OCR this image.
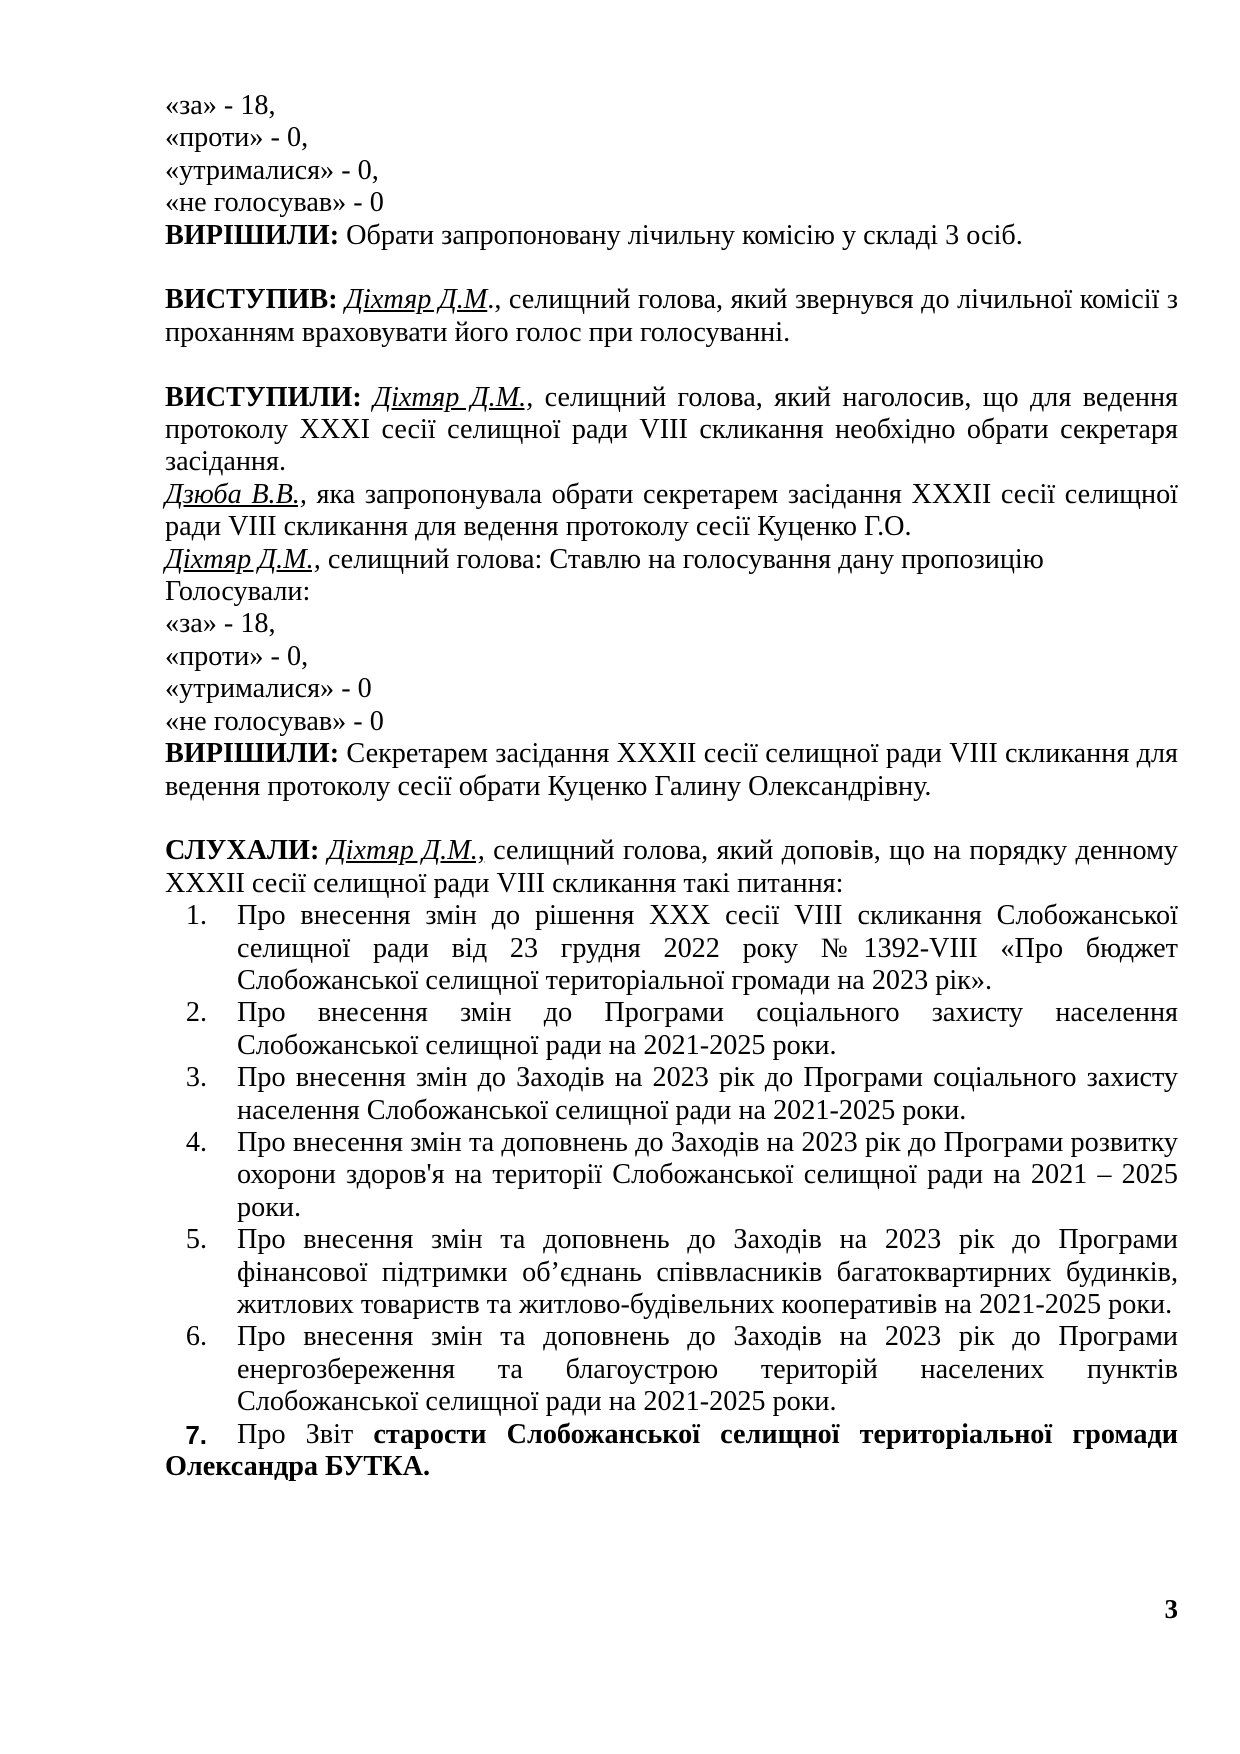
«за» - 18,

«проти» - 0,

«утрималися» - 0,

«не голосував» - 0

ВИРІШИЛИ: Обрати запропоновану лічильну комісію у складі 3 осіб.

ВИСТУПИВ: Діхтяр Д.М., селищний голова, який звернувся до лічильної комісії з проханням враховувати його голос при голосуванні.

ВИСТУПИЛИ: Діхтяр Д.М., селищний голова, який наголосив, що для ведення протоколу XXXI сесії селищної ради VIII скликання необхідно обрати секретаря засідання.

Дзюба В.В., яка запропонувала обрати секретарем засідання XXXII сесії селищної ради VIII скликання для ведення протоколу сесії Куценко Г.О.

Діхтяр Д.М., селищний голова: Ставлю на голосування дану пропозицію

Голосували:

«за» - 18,

«проти» - 0,

«утрималися» - 0

«не голосував» - 0

ВИРІШИЛИ: Секретарем засідання XXXII сесії селищної ради VIII скликання для ведення протоколу сесії обрати Куценко Галину Олександрівну.

СЛУХАЛИ: Діхтяр Д.М., селищний голова, який доповів, що на порядку денному XXXII сесії селищної ради VIII скликання такі питання:

1. Про внесення змін до рішення XXX сесії VIII скликання Слобожанської селищної ради від 23 грудня 2022 року №1392-VIII «Про бюджет Слобожанської селищної територіальної громади на 2023 рік».
2. Про внесення змін до Програми соціального захисту населення Слобожанської селищної ради на 2021-2025 роки.
3. Про внесення змін до Заходів на 2023 рік до Програми соціального захисту населення Слобожанської селищної ради на 2021-2025 роки.
4. Про внесення змін та доповнень до Заходів на 2023 рік до Програми розвитку охорони здоров'я на території Слобожанської селищної ради на 2021 – 2025 роки.
5. Про внесення змін та доповнень до Заходів на 2023 рік до Програми фінансової підтримки об’єднань співвласників багатоквартирних будинків, житлових товариств та житлово-будівельних кооперативів на 2021-2025 роки.
6. Про внесення змін та доповнень до Заходів на 2023 рік до Програми енергозбереження та благоустрою територій населених пунктів Слобожанської селищної ради на 2021-2025 роки.
7. Про Звіт старости Слобожанської селищної територіальної громади Олександра БУТКА.
3
